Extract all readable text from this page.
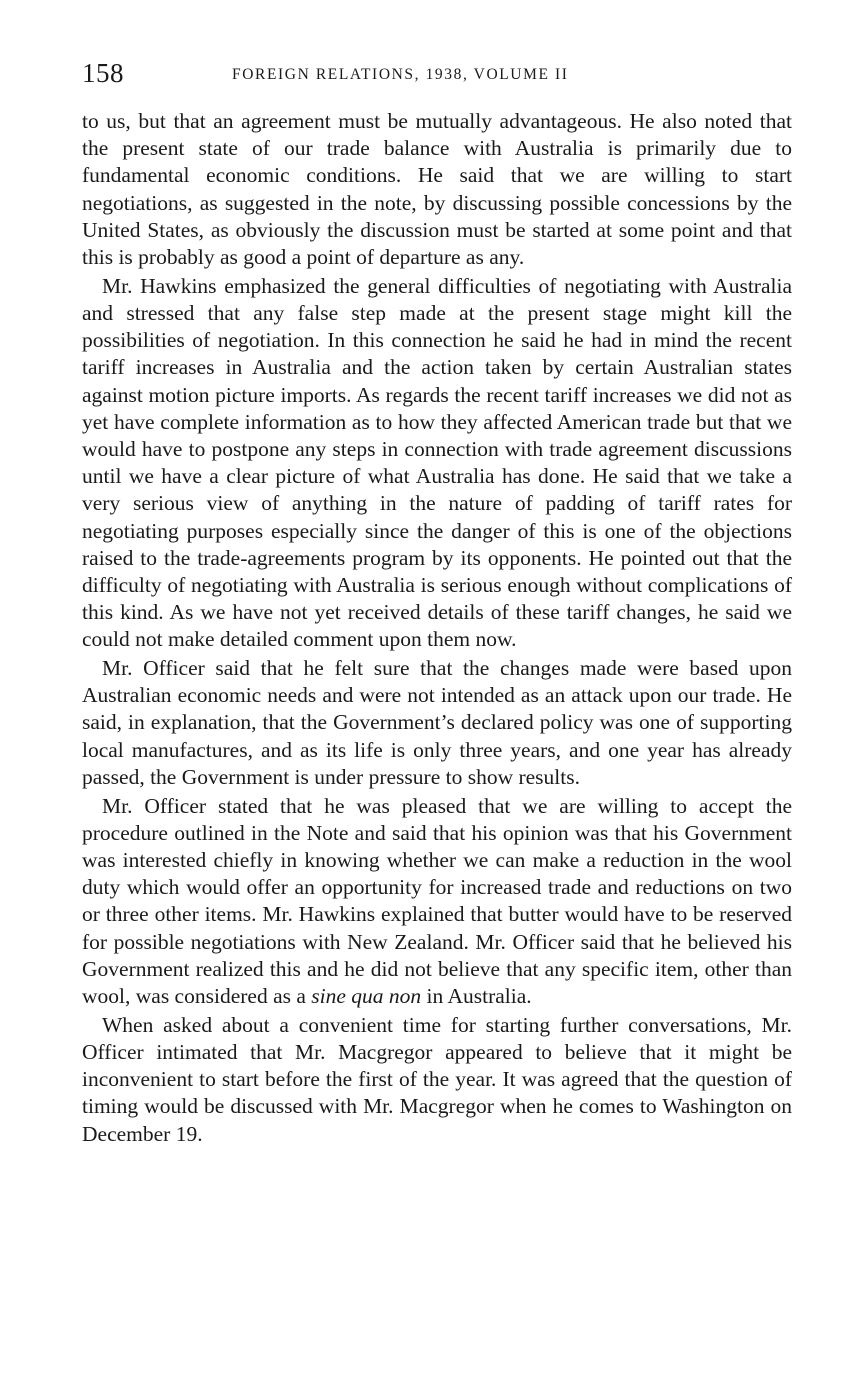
158	FOREIGN RELATIONS, 1938, VOLUME II

to us, but that an agreement must be mutually advantageous. He also noted that the present state of our trade balance with Australia is primarily due to fundamental economic conditions. He said that we are willing to start negotiations, as suggested in the note, by discussing possible concessions by the United States, as obviously the discussion must be started at some point and that this is probably as good a point of departure as any.

Mr. Hawkins emphasized the general difficulties of negotiating with Australia and stressed that any false step made at the present stage might kill the possibilities of negotiation. In this connection he said he had in mind the recent tariff increases in Australia and the action taken by certain Australian states against motion picture imports. As regards the recent tariff increases we did not as yet have complete information as to how they affected American trade but that we would have to postpone any steps in connection with trade agreement discussions until we have a clear picture of what Australia has done. He said that we take a very serious view of anything in the nature of padding of tariff rates for negotiating purposes especially since the danger of this is one of the objections raised to the trade-agreements program by its opponents. He pointed out that the difficulty of negotiating with Australia is serious enough without complications of this kind. As we have not yet received details of these tariff changes, he said we could not make detailed comment upon them now.

Mr. Officer said that he felt sure that the changes made were based upon Australian economic needs and were not intended as an attack upon our trade. He said, in explanation, that the Government’s declared policy was one of supporting local manufactures, and as its life is only three years, and one year has already passed, the Government is under pressure to show results.

Mr. Officer stated that he was pleased that we are willing to accept the procedure outlined in the Note and said that his opinion was that his Government was interested chiefly in knowing whether we can make a reduction in the wool duty which would offer an opportunity for increased trade and reductions on two or three other items. Mr. Hawkins explained that butter would have to be reserved for possible negotiations with New Zealand. Mr. Officer said that he believed his Government realized this and he did not believe that any specific item, other than wool, was considered as a sine qua non in Australia.

When asked about a convenient time for starting further conversations, Mr. Officer intimated that Mr. Macgregor appeared to believe that it might be inconvenient to start before the first of the year. It was agreed that the question of timing would be discussed with Mr. Macgregor when he comes to Washington on December 19.
